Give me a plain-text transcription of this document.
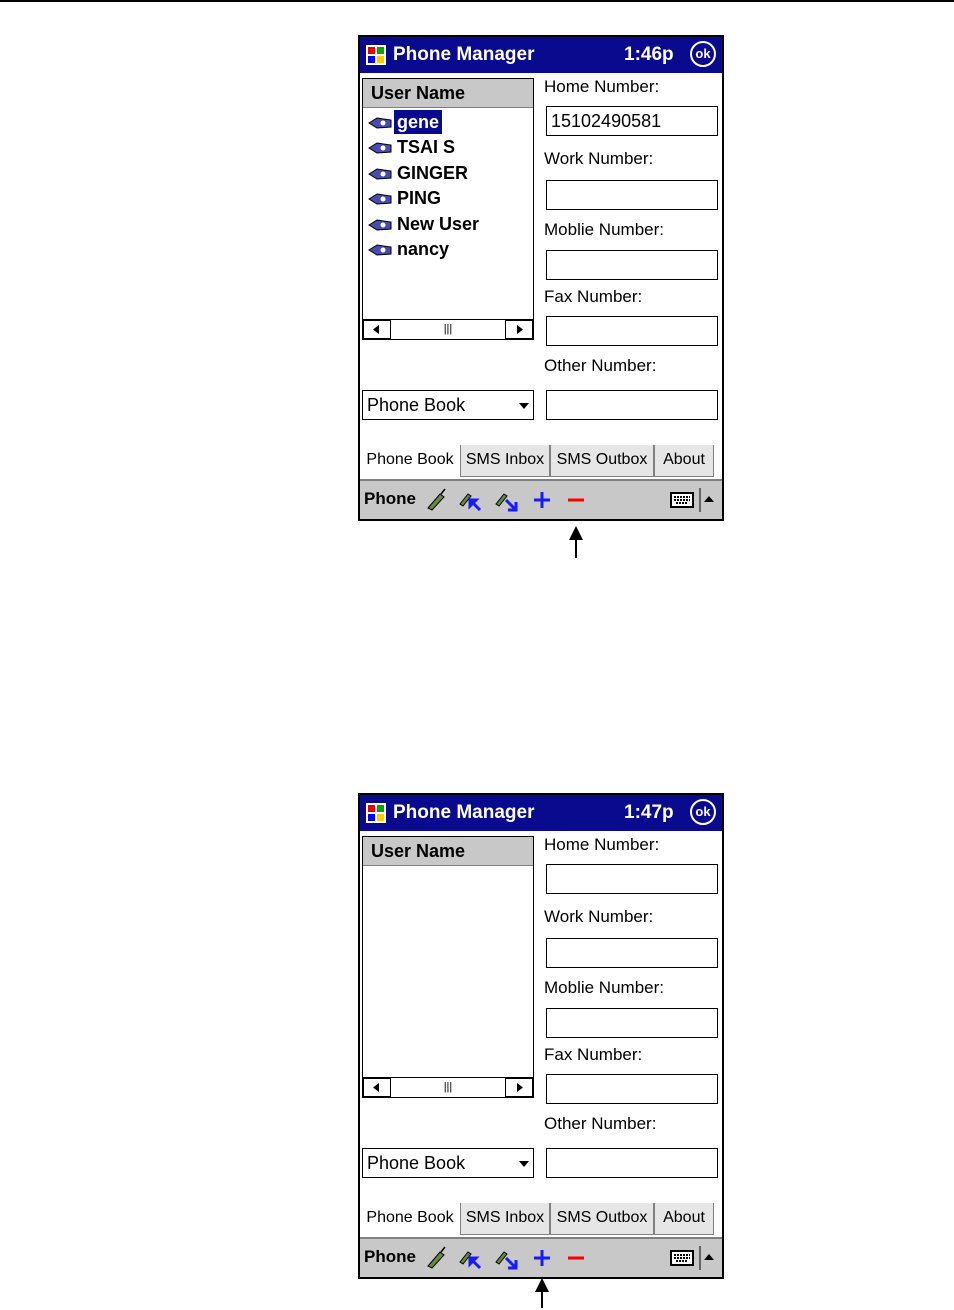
Phone Manager	1:46p	ok
User Name
gene
TSAI S
GINGER
PING
New User
nancy
|||
Home Number:
15102490581
Work Number:
Moblie Number:
Fax Number:
Other Number:
Phone Book
Phone Book SMS Inbox SMS Outbox About
Phone
Phone Manager	1:47p	ok
User Name
|||
Home Number:
Work Number:
Moblie Number:
Fax Number:
Other Number:
Phone Book
Phone Book SMS Inbox SMS Outbox About
Phone
